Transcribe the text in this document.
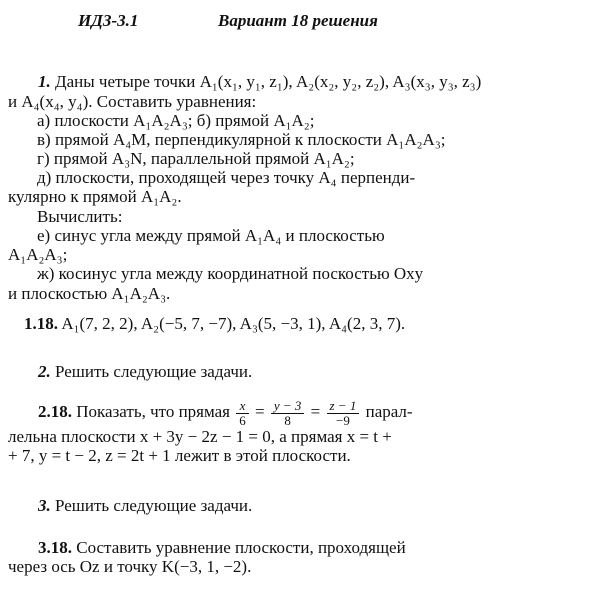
ИДЗ-3.1	Вариант 18 решения
1. Даны четыре точки A₁(x₁, y₁, z₁), A₂(x₂, y₂, z₂), A₃(x₃, y₃, z₃)
и A₄(x₄, y₄). Составить уравнения:
а) плоскости A₁A₂A₃; б) прямой A₁A₂;
в) прямой A₄M, перпендикулярной к плоскости A₁A₂A₃;
г) прямой A₃N, параллельной прямой A₁A₂;
д) плоскости, проходящей через точку A₄ перпенди-
кулярно к прямой A₁A₂.
Вычислить:
е) синус угла между прямой A₁A₄ и плоскостью
A₁A₂A₃;
ж) косинус угла между координатной поскостью Oxy
и плоскостью A₁A₂A₃.
1.18. A₁(7, 2, 2), A₂(−5, 7, −7), A₃(5, −3, 1), A₄(2, 3, 7).
2. Решить следующие задачи.
2.18. Показать, что прямая $\frac{x}{6} = \frac{y - 3}{8} = \frac{z - 1}{-9}$ парал-
лельна плоскости x + 3y − 2z − 1 = 0, а прямая x = t +
+ 7, y = t − 2, z = 2t + 1 лежит в этой плоскости.
3. Решить следующие задачи.
3.18. Составить уравнение плоскости, проходящей
через ось Oz и точку K(−3, 1, −2).
